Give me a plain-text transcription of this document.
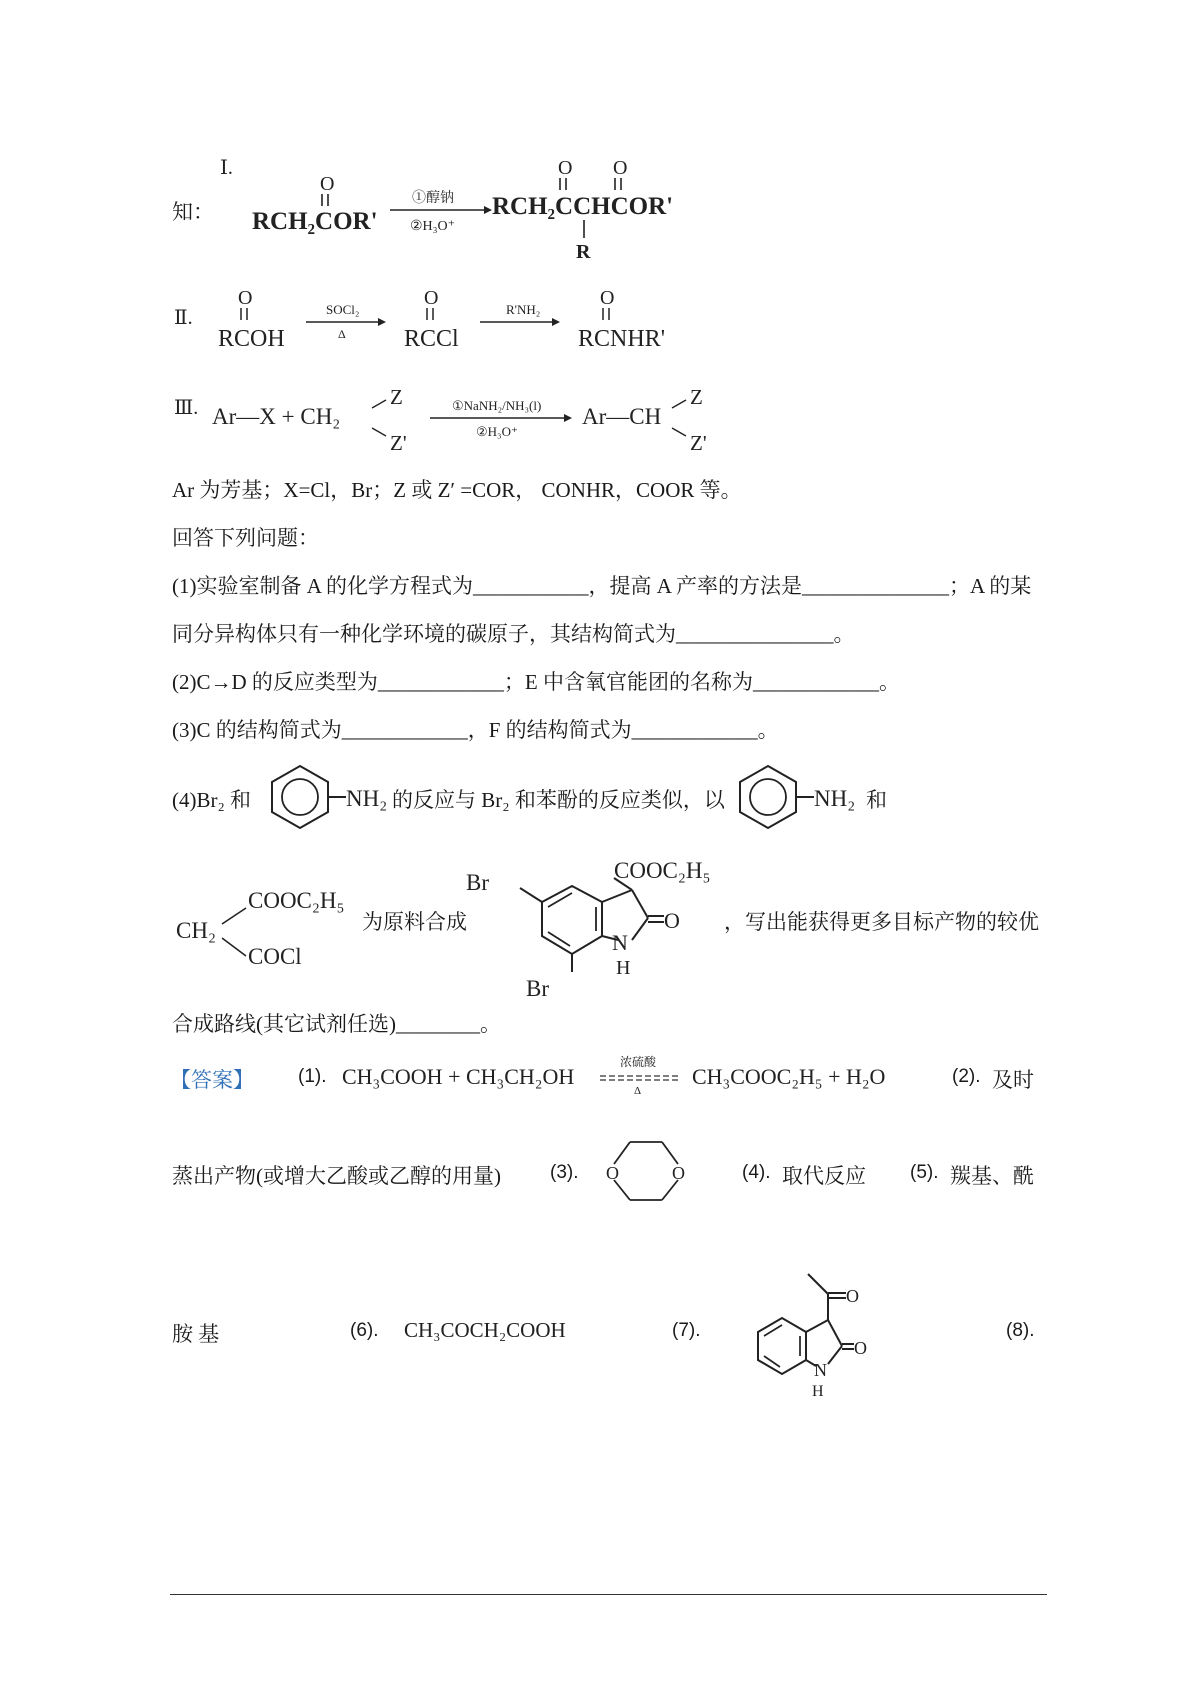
知：
Ⅰ.
O
RCH₂COR'
①醇钠
②H₃O⁺
O O
RCH₂CCHCOR'
R
Ⅱ.
O
RCOH
SOCl₂
Δ
O
RCCl
R'NH₂
O
RCNHR'
Ⅲ. Ar—X + CH₂
Z
Z'
①NaNH₂/NH₃(l)
②H₃O⁺
Ar—CH
Z
Z'
Ar 为芳基；X=Cl，Br；Z 或 Z′ =COR， CONHR，COOR 等。
回答下列问题：
(1)实验室制备 A 的化学方程式为___________，提高 A 产率的方法是______________；A 的某
同分异构体只有一种化学环境的碳原子，其结构简式为_______________。
(2)C→D 的反应类型为____________；E 中含氧官能团的名称为____________。
(3)C 的结构简式为____________，F 的结构简式为____________。
(4)Br₂ 和	NH₂ 的反应与 Br₂ 和苯酚的反应类似，以	NH₂ 和
COOC₂H₅
CH₂
COCl
为原料合成
Br
Br
N
H
O
COOC₂H₅
，写出能获得更多目标产物的较优
合成路线(其它试剂任选)________。
【答案】 (1). CH₃COOH + CH₃CH₂OH
浓硫酸
Δ
CH₃COOC₂H₅ + H₂O	(2). 及时
蒸出产物(或增大乙酸或乙醇的用量)	(3). O	O	(4). 取代反应 (5). 羰基、酰
胺 基	(6). CH₃COCH₂COOH	(7).
N
H
O
O
(8).
